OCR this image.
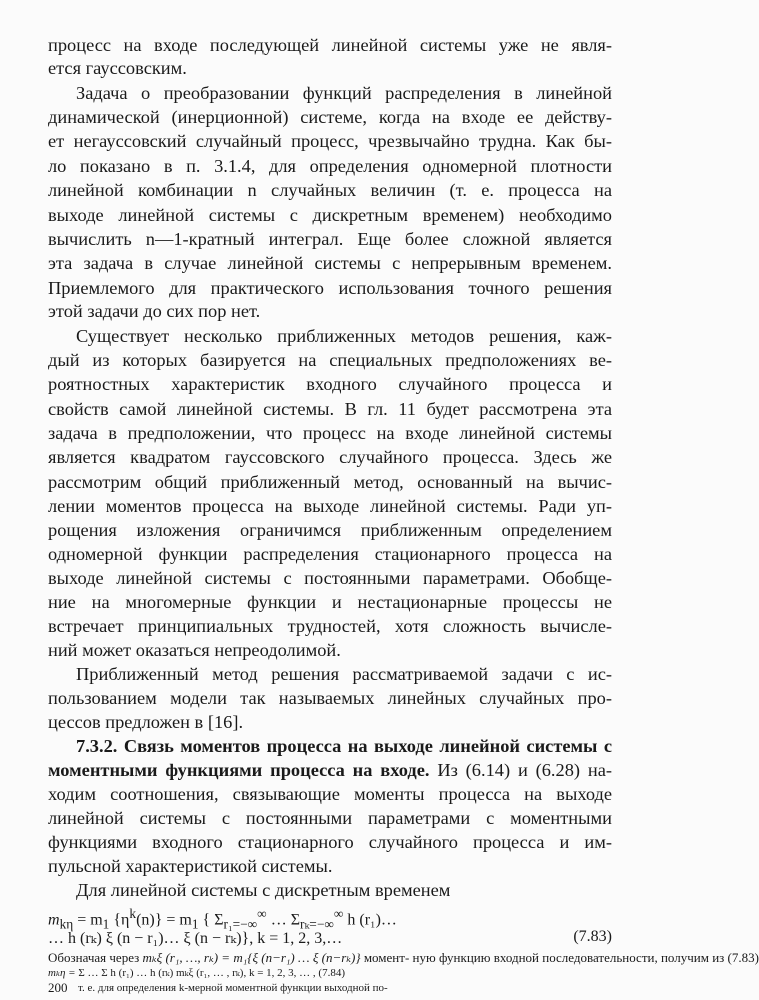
процесс на входе последующей линейной системы уже не явля-
ется гауссовским.
Задача о преобразовании функций распределения в линейной
динамической (инерционной) системе, когда на входе ее действу-
ет негауссовский случайный процесс, чрезвычайно трудна. Как бы-
ло показано в п. 3.1.4, для определения одномерной плотности
линейной комбинации n случайных величин (т. е. процесса на
выходе линейной системы с дискретным временем) необходимо
вычислить n—1-кратный интеграл. Еще более сложной является
эта задача в случае линейной системы с непрерывным временем.
Приемлемого для практического использования точного решения
этой задачи до сих пор нет.
Существует несколько приближенных методов решения, каж-
дый из которых базируется на специальных предположениях ве-
роятностных характеристик входного случайного процесса и
свойств самой линейной системы. В гл. 11 будет рассмотрена эта
задача в предположении, что процесс на входе линейной системы
является квадратом гауссовского случайного процесса. Здесь же
рассмотрим общий приближенный метод, основанный на вычис-
лении моментов процесса на выходе линейной системы. Ради уп-
рощения изложения ограничимся приближенным определением
одномерной функции распределения стационарного процесса на
выходе линейной системы с постоянными параметрами. Обобще-
ние на многомерные функции и нестационарные процессы не
встречает принципиальных трудностей, хотя сложность вычисле-
ний может оказаться непреодолимой.
Приближенный метод решения рассматриваемой задачи с ис-
пользованием модели так называемых линейных случайных про-
цессов предложен в [16].
7.3.2. Связь моментов процесса на выходе линейной системы с
моментными функциями процесса на входе. Из (6.14) и (6.28) на-
ходим соотношения, связывающие моменты процесса на выходе
линейной системы с постоянными параметрами с моментными
функциями входного стационарного случайного процесса и им-
пульсной характеристикой системы.
Для линейной системы с дискретным временем
$m_{k\eta} = m_1$ $\{\eta^k(n)\} = m_1$ { $\Sigma_{r_1=-\infty}^\infty$ … $\Sigma_{r_k=-\infty}^\infty$ h (r₁)…
… h (rₖ) ξ (n − r₁)… ξ (n − rₖ)}, k = 1, 2, 3,…	(7.83)
Обозначая через mₖξ (r₁, …, rₖ) = m₁{ξ (n−r₁) … ξ (n−rₖ)} момент- ную функцию входной последовательности, получим из (7.83)
mₖη = Σ … Σ h (r₁) … h (rₖ) mₖξ (r₁, … , rₖ), k = 1, 2, 3, … , (7.84)
т. е. для определения k-мерной моментной функции выходной по-
200
